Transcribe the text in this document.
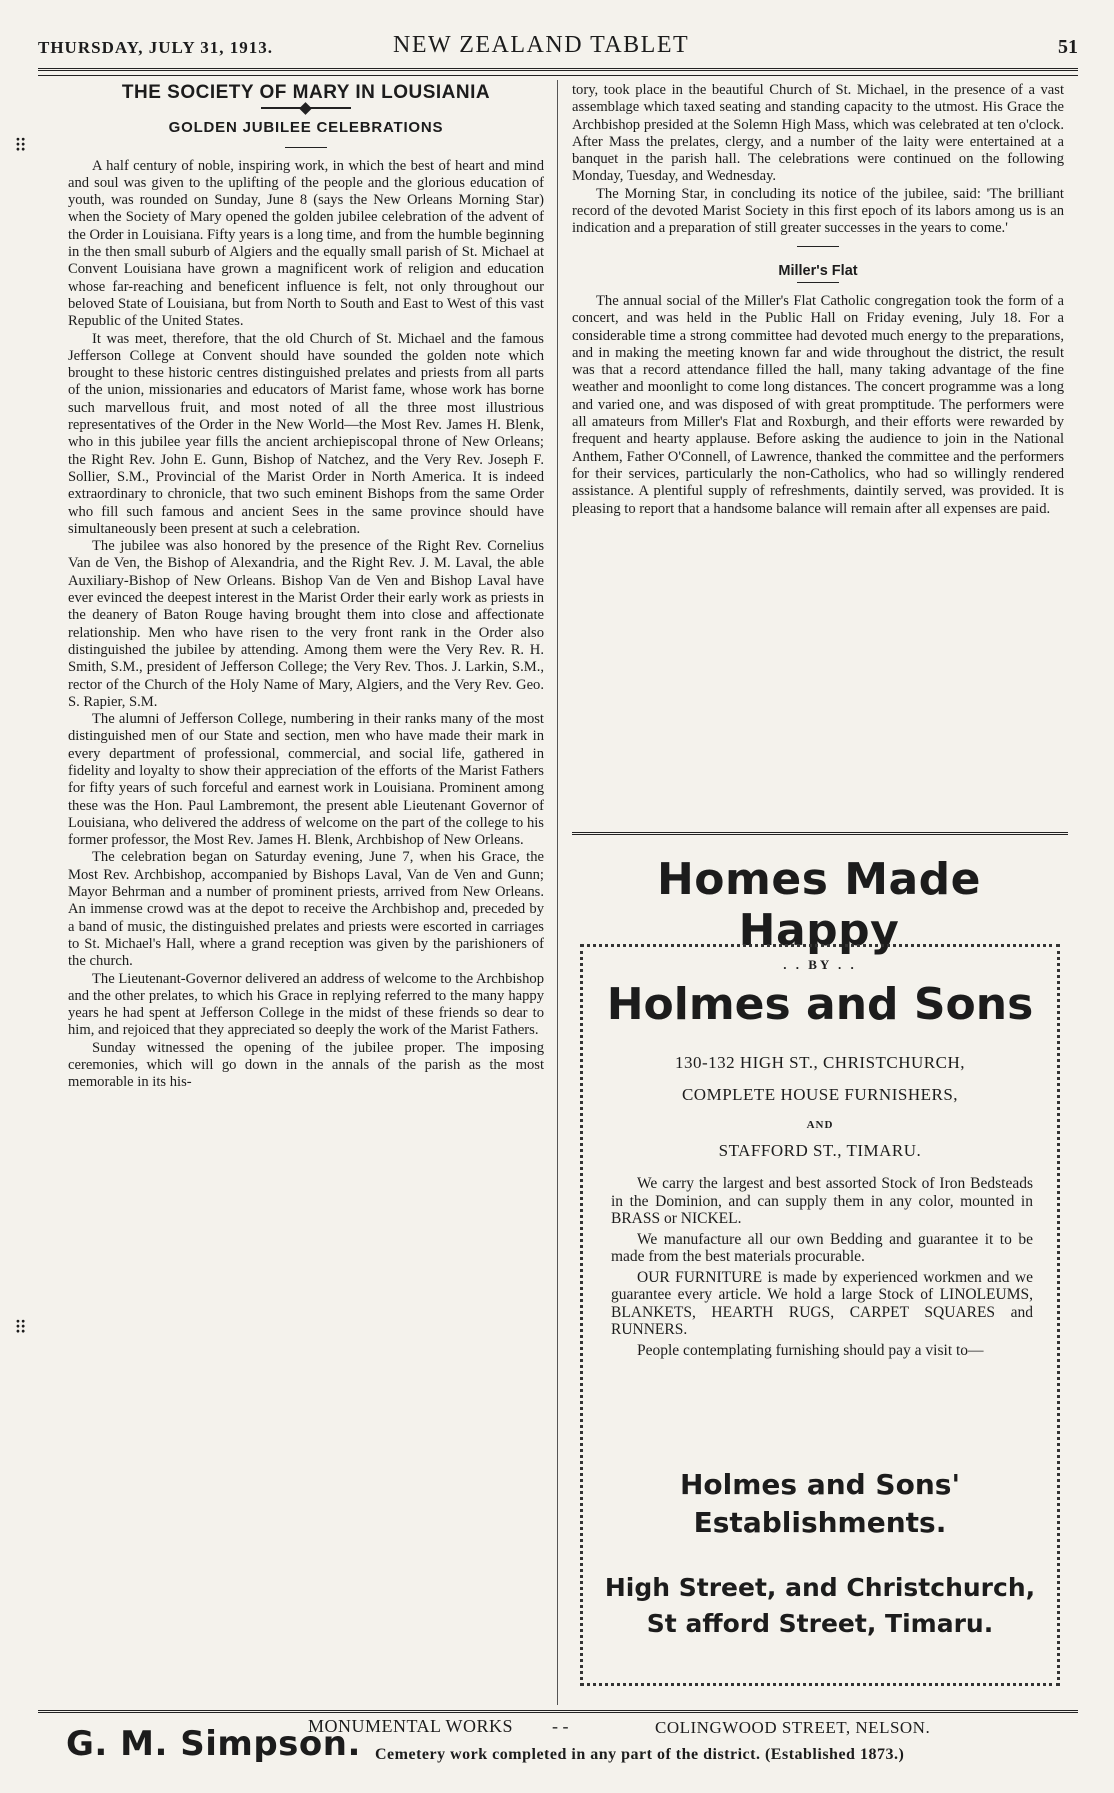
THURSDAY, JULY 31, 1913.	NEW ZEALAND TABLET	51
⠿
THE SOCIETY OF MARY IN LOUSIANIA
GOLDEN JUBILEE CELEBRATIONS

A half century of noble, inspiring work, in which the best of heart and mind and soul was given to the uplifting of the people and the glorious education of youth, was rounded on Sunday, June 8 (says the New Orleans Morning Star) when the Society of Mary opened the golden jubilee celebration of the advent of the Order in Louisiana. Fifty years is a long time, and from the humble beginning in the then small suburb of Algiers and the equally small parish of St. Michael at Convent Louisiana have grown a magnificent work of religion and education whose far-reaching and beneficent influence is felt, not only throughout our beloved State of Louisiana, but from North to South and East to West of this vast Republic of the United States.

It was meet, therefore, that the old Church of St. Michael and the famous Jefferson College at Convent should have sounded the golden note which brought to these historic centres distinguished prelates and priests from all parts of the union, missionaries and educators of Marist fame, whose work has borne such marvellous fruit, and most noted of all the three most illustrious representatives of the Order in the New World—the Most Rev. James H. Blenk, who in this jubilee year fills the ancient archiepiscopal throne of New Orleans; the Right Rev. John E. Gunn, Bishop of Natchez, and the Very Rev. Joseph F. Sollier, S.M., Provincial of the Marist Order in North America. It is indeed extraordinary to chronicle, that two such eminent Bishops from the same Order who fill such famous and ancient Sees in the same province should have simultaneously been present at such a celebration.

The jubilee was also honored by the presence of the Right Rev. Cornelius Van de Ven, the Bishop of Alexandria, and the Right Rev. J. M. Laval, the able Auxiliary-Bishop of New Orleans. Bishop Van de Ven and Bishop Laval have ever evinced the deepest interest in the Marist Order their early work as priests in the deanery of Baton Rouge having brought them into close and affectionate relationship. Men who have risen to the very front rank in the Order also distinguished the jubilee by attending. Among them were the Very Rev. R. H. Smith, S.M., president of Jefferson College; the Very Rev. Thos. J. Larkin, S.M., rector of the Church of the Holy Name of Mary, Algiers, and the Very Rev. Geo. S. Rapier, S.M.

The alumni of Jefferson College, numbering in their ranks many of the most distinguished men of our State and section, men who have made their mark in every department of professional, commercial, and social life, gathered in fidelity and loyalty to show their appreciation of the efforts of the Marist Fathers for fifty years of such forceful and earnest work in Louisiana. Prominent among these was the Hon. Paul Lambremont, the present able Lieutenant Governor of Louisiana, who delivered the address of welcome on the part of the college to his former professor, the Most Rev. James H. Blenk, Archbishop of New Orleans.

The celebration began on Saturday evening, June 7, when his Grace, the Most Rev. Archbishop, accompanied by Bishops Laval, Van de Ven and Gunn; Mayor Behrman and a number of prominent priests, arrived from New Orleans. An immense crowd was at the depot to receive the Archbishop and, preceded by a band of music, the distinguished prelates and priests were escorted in carriages to St. Michael's Hall, where a grand reception was given by the parishioners of the church.

The Lieutenant-Governor delivered an address of welcome to the Archbishop and the other prelates, to which his Grace in replying referred to the many happy years he had spent at Jefferson College in the midst of these friends so dear to him, and rejoiced that they appreciated so deeply the work of the Marist Fathers.

Sunday witnessed the opening of the jubilee proper. The imposing ceremonies, which will go down in the annals of the parish as the most memorable in its his-

tory, took place in the beautiful Church of St. Michael, in the presence of a vast assemblage which taxed seating and standing capacity to the utmost. His Grace the Archbishop presided at the Solemn High Mass, which was celebrated at ten o'clock. After Mass the prelates, clergy, and a number of the laity were entertained at a banquet in the parish hall. The celebrations were continued on the following Monday, Tuesday, and Wednesday.

The Morning Star, in concluding its notice of the jubilee, said: 'The brilliant record of the devoted Marist Society in this first epoch of its labors among us is an indication and a preparation of still greater successes in the years to come.'

Miller's Flat

The annual social of the Miller's Flat Catholic congregation took the form of a concert, and was held in the Public Hall on Friday evening, July 18. For a considerable time a strong committee had devoted much energy to the preparations, and in making the meeting known far and wide throughout the district, the result was that a record attendance filled the hall, many taking advantage of the fine weather and moonlight to come long distances. The concert programme was a long and varied one, and was disposed of with great promptitude. The performers were all amateurs from Miller's Flat and Roxburgh, and their efforts were rewarded by frequent and hearty applause. Before asking the audience to join in the National Anthem, Father O'Connell, of Lawrence, thanked the committee and the performers for their services, particularly the non-Catholics, who had so willingly rendered assistance. A plentiful supply of refreshments, daintily served, was provided. It is pleasing to report that a handsome balance will remain after all expenses are paid.

Homes Made Happy
. . BY . .
Holmes and Sons
130-132 HIGH ST., CHRISTCHURCH,
COMPLETE HOUSE FURNISHERS,
AND
STAFFORD ST., TIMARU.

We carry the largest and best assorted Stock of Iron Bedsteads in the Dominion, and can supply them in any color, mounted in BRASS or NICKEL.

We manufacture all our own Bedding and guarantee it to be made from the best materials procurable.

OUR FURNITURE is made by experienced workmen and we guarantee every article. We hold a large Stock of LINOLEUMS, BLANKETS, HEARTH RUGS, CARPET SQUARES and RUNNERS.

People contemplating furnishing should pay a visit to—

Holmes and Sons'
Establishments.
High Street, and Christchurch,
St afford Street, Timaru.
⠿
G. M. Simpson.
MONUMENTAL WORKS - -	COLINGWOOD STREET, NELSON.
Cemetery work completed in any part of the district. (Established 1873.)
